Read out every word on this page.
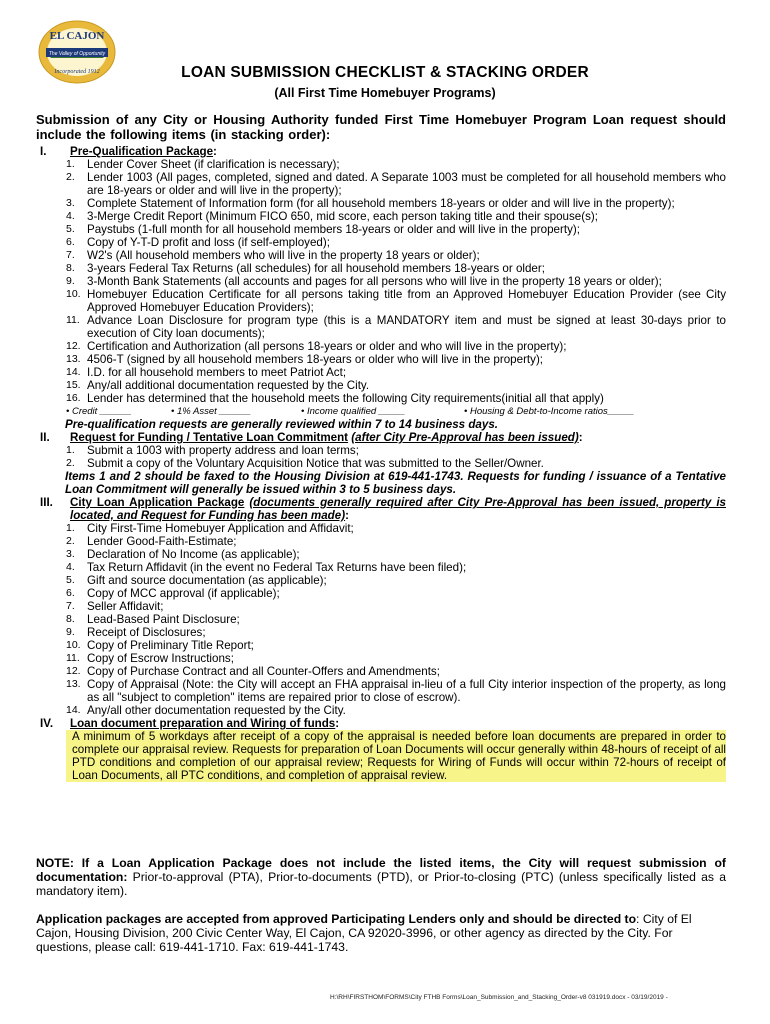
EL CAJON
The Valley of Opportunity
Incorporated 1912	LOAN SUBMISSION CHECKLIST & STACKING ORDER
(All First Time Homebuyer Programs)
Submission of any City or Housing Authority funded First Time Homebuyer Program Loan request should include the following items (in stacking order):
I. Pre-Qualification Package:
1. Lender Cover Sheet (if clarification is necessary);
2. Lender 1003 (All pages, completed, signed and dated. A Separate 1003 must be completed for all household members who are 18-years or older and will live in the property);
3. Complete Statement of Information form (for all household members 18-years or older and will live in the property);
4. 3-Merge Credit Report (Minimum FICO 650, mid score, each person taking title and their spouse(s);
5. Paystubs (1-full month for all household members 18-years or older and will live in the property);
6. Copy of Y-T-D profit and loss (if self-employed);
7. W2's (All household members who will live in the property 18 years or older);
8. 3-years Federal Tax Returns (all schedules) for all household members 18-years or older;
9. 3-Month Bank Statements (all accounts and pages for all persons who will live in the property 18 years or older);
10. Homebuyer Education Certificate for all persons taking title from an Approved Homebuyer Education Provider (see City Approved Homebuyer Education Providers);
11. Advance Loan Disclosure for program type (this is a MANDATORY item and must be signed at least 30-days prior to execution of City loan documents);
12. Certification and Authorization (all persons 18-years or older and who will live in the property);
13. 4506-T (signed by all household members 18-years or older who will live in the property);
14. I.D. for all household members to meet Patriot Act;
15. Any/all additional documentation requested by the City.
16. Lender has determined that the household meets the following City requirements(initial all that apply)
• Credit ______	• 1% Asset ______	• Income qualified _____	• Housing & Debt-to-Income ratios_____
Pre-qualification requests are generally reviewed within 7 to 14 business days.
II. Request for Funding / Tentative Loan Commitment (after City Pre-Approval has been issued):
1. Submit a 1003 with property address and loan terms;
2. Submit a copy of the Voluntary Acquisition Notice that was submitted to the Seller/Owner.
Items 1 and 2 should be faxed to the Housing Division at 619-441-1743. Requests for funding / issuance of a Tentative Loan Commitment will generally be issued within 3 to 5 business days.
III. City Loan Application Package (documents generally required after City Pre-Approval has been issued, property is located, and Request for Funding has been made):
1. City First-Time Homebuyer Application and Affidavit;
2. Lender Good-Faith-Estimate;
3. Declaration of No Income (as applicable);
4. Tax Return Affidavit (in the event no Federal Tax Returns have been filed);
5. Gift and source documentation (as applicable);
6. Copy of MCC approval (if applicable);
7. Seller Affidavit;
8. Lead-Based Paint Disclosure;
9. Receipt of Disclosures;
10. Copy of Preliminary Title Report;
11. Copy of Escrow Instructions;
12. Copy of Purchase Contract and all Counter-Offers and Amendments;
13. Copy of Appraisal (Note: the City will accept an FHA appraisal in-lieu of a full City interior inspection of the property, as long as all "subject to completion" items are repaired prior to close of escrow).
14. Any/all other documentation requested by the City.
IV. Loan document preparation and Wiring of funds:
A minimum of 5 workdays after receipt of a copy of the appraisal is needed before loan documents are prepared in order to complete our appraisal review. Requests for preparation of Loan Documents will occur generally within 48-hours of receipt of all PTD conditions and completion of our appraisal review; Requests for Wiring of Funds will occur within 72-hours of receipt of Loan Documents, all PTC conditions, and completion of appraisal review.
NOTE: If a Loan Application Package does not include the listed items, the City will request submission of documentation: Prior-to-approval (PTA), Prior-to-documents (PTD), or Prior-to-closing (PTC) (unless specifically listed as a mandatory item).
Application packages are accepted from approved Participating Lenders only and should be directed to: City of El Cajon, Housing Division, 200 Civic Center Way, El Cajon, CA 92020-3996, or other agency as directed by the City. For questions, please call: 619-441-1710. Fax: 619-441-1743.
H:\RH\FIRSTHOM\FORMS\City FTHB Forms\Loan_Submission_and_Stacking_Order-v8 031919.docx - 03/19/2019 -
